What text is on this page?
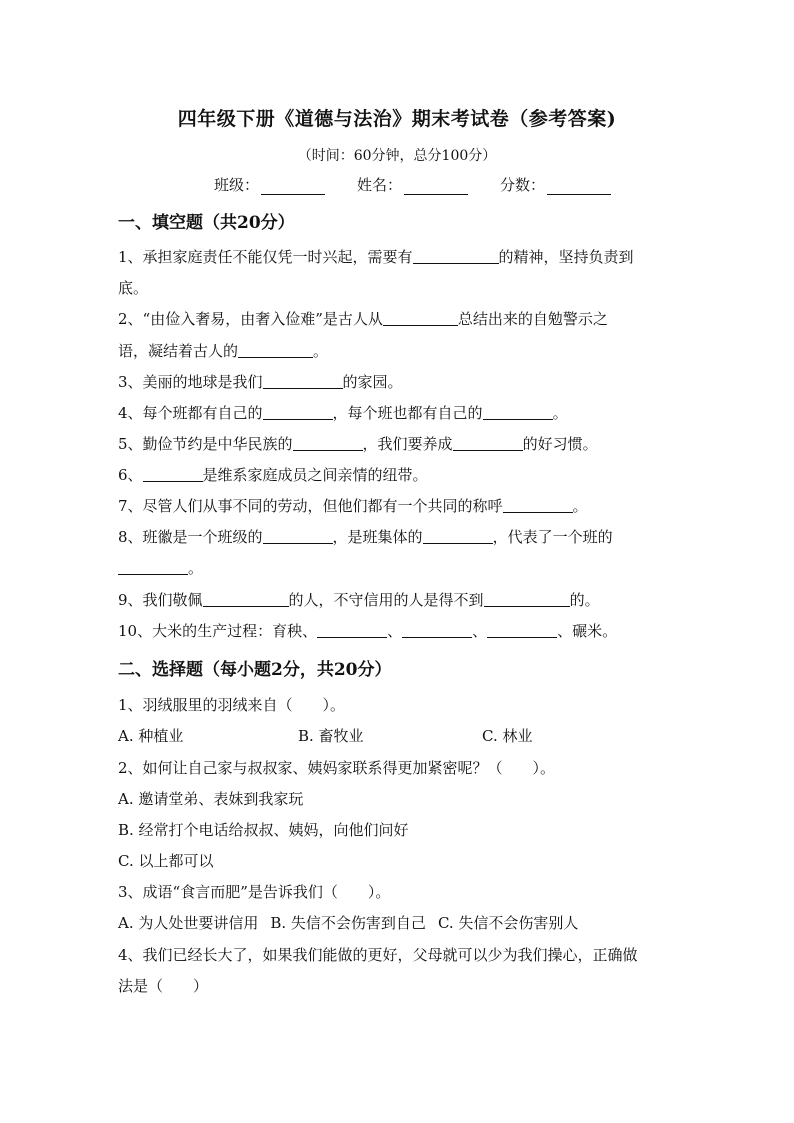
四年级下册《道德与法治》期末考试卷（参考答案)
（时间：60分钟，总分100分）
班级：	姓名：	分数：
一、填空题（共20分）
1、承担家庭责任不能仅凭一时兴起，需要有	的精神，坚持负责到
底。
2、“由俭入奢易，由奢入俭难”是古人从	总结出来的自勉警示之
语，凝结着古人的	。
3、美丽的地球是我们	的家园。
4、每个班都有自己的	，每个班也都有自己的	。
5、勤俭节约是中华民族的	，我们要养成	的好习惯。
6、	是维系家庭成员之间亲情的纽带。
7、尽管人们从事不同的劳动，但他们都有一个共同的称呼	。
8、班徽是一个班级的	，是班集体的	，代表了一个班的
。
9、我们敬佩	的人，不守信用的人是得不到	的。
10、大米的生产过程：育秧、	、	、	、碾米。
二、选择题（每小题2分，共20分）
1、羽绒服里的羽绒来自（　　）。
A. 种植业	B. 畜牧业	C. 林业
2、如何让自己家与叔叔家、姨妈家联系得更加紧密呢？（　　）。
A. 邀请堂弟、表妹到我家玩
B. 经常打个电话给叔叔、姨妈，向他们问好
C. 以上都可以
3、成语“食言而肥”是告诉我们（　　）。
A. 为人处世要讲信用 B. 失信不会伤害到自己 C. 失信不会伤害别人
4、我们已经长大了，如果我们能做的更好，父母就可以少为我们操心，正确做
法是（　　）
